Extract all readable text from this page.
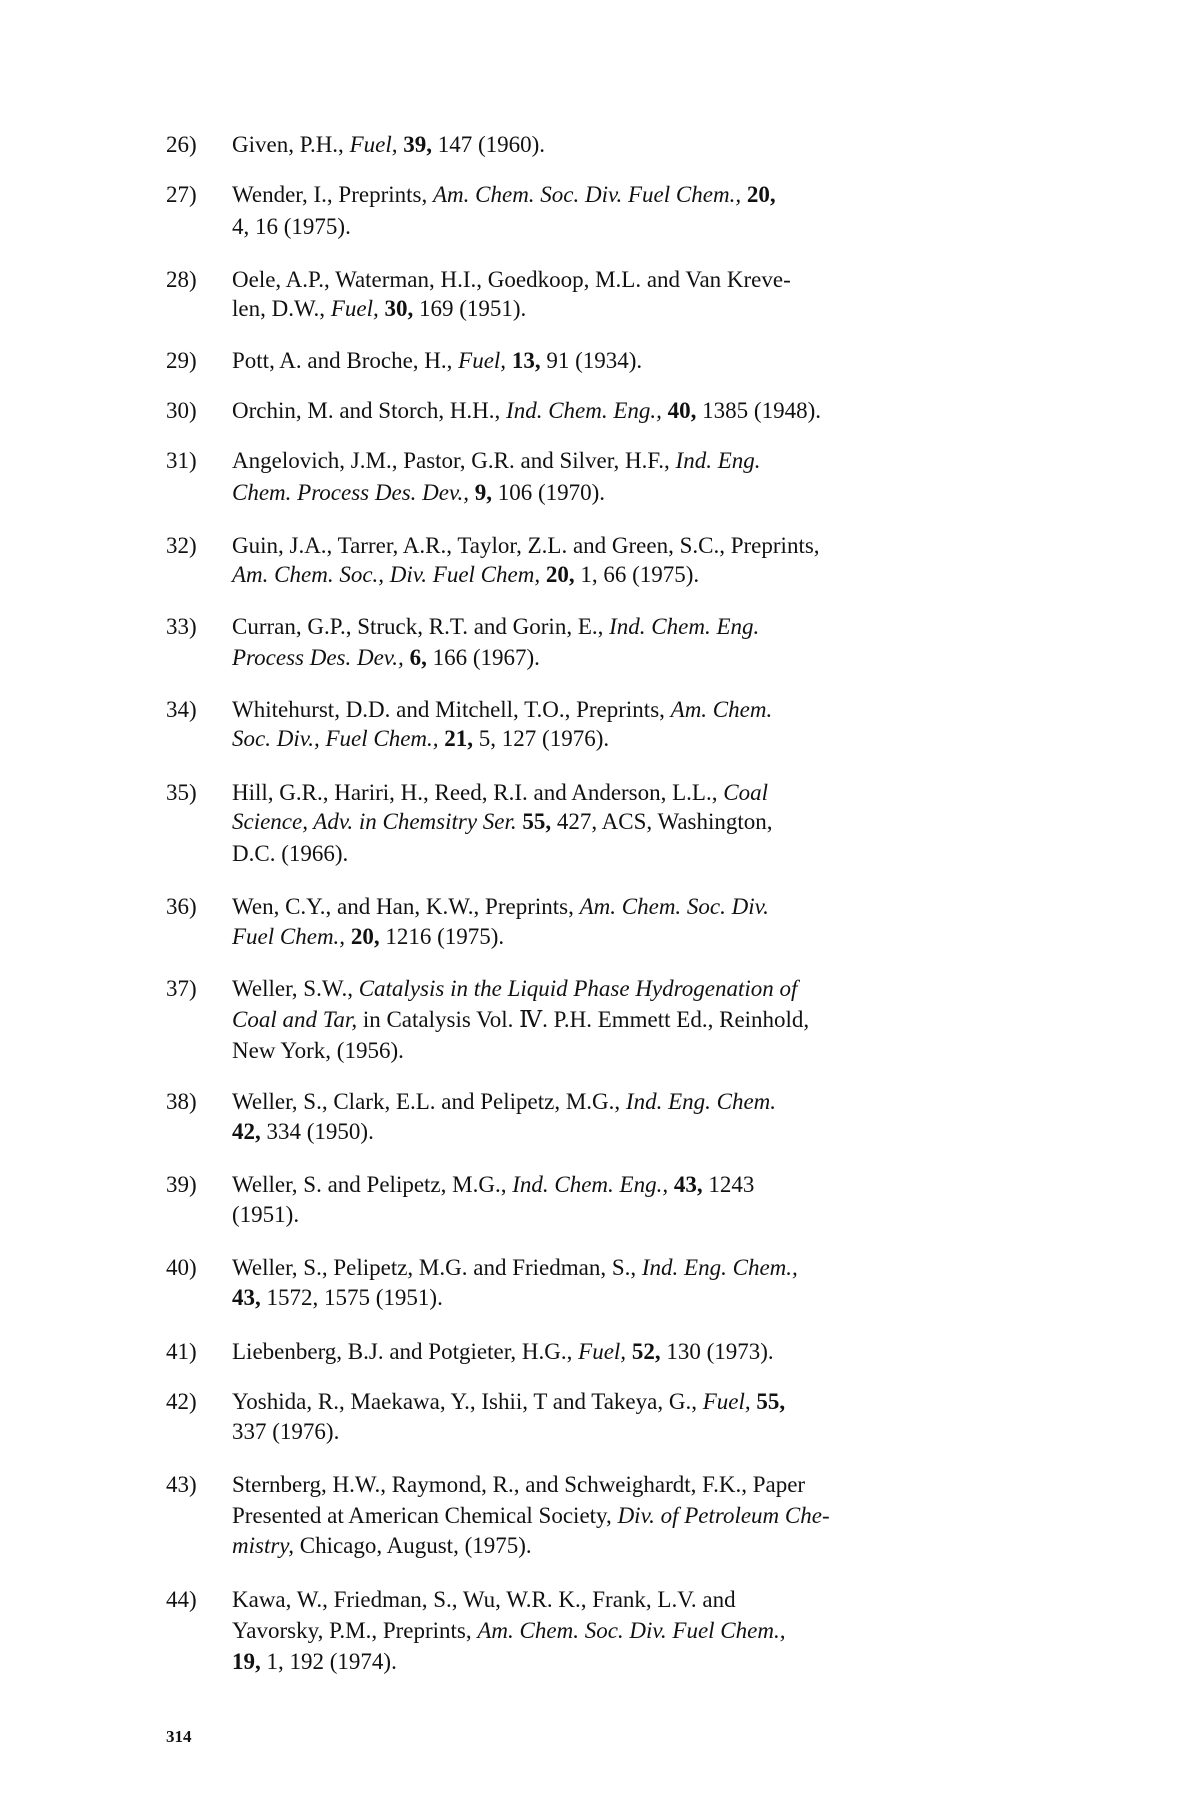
26) Given, P.H., Fuel, 39, 147 (1960).
27) Wender, I., Preprints, Am. Chem. Soc. Div. Fuel Chem., 20,
4, 16 (1975).
28) Oele, A.P., Waterman, H.I., Goedkoop, M.L. and Van Kreve-
len, D.W., Fuel, 30, 169 (1951).
29) Pott, A. and Broche, H., Fuel, 13, 91 (1934).
30) Orchin, M. and Storch, H.H., Ind. Chem. Eng., 40, 1385 (1948).
31) Angelovich, J.M., Pastor, G.R. and Silver, H.F., Ind. Eng.
Chem. Process Des. Dev., 9, 106 (1970).
32) Guin, J.A., Tarrer, A.R., Taylor, Z.L. and Green, S.C., Preprints,
Am. Chem. Soc., Div. Fuel Chem, 20, 1, 66 (1975).
33) Curran, G.P., Struck, R.T. and Gorin, E., Ind. Chem. Eng.
Process Des. Dev., 6, 166 (1967).
34) Whitehurst, D.D. and Mitchell, T.O., Preprints, Am. Chem.
Soc. Div., Fuel Chem., 21, 5, 127 (1976).
35) Hill, G.R., Hariri, H., Reed, R.I. and Anderson, L.L., Coal
Science, Adv. in Chemsitry Ser. 55, 427, ACS, Washington,
D.C. (1966).
36) Wen, C.Y., and Han, K.W., Preprints, Am. Chem. Soc. Div.
Fuel Chem., 20, 1216 (1975).
37) Weller, S.W., Catalysis in the Liquid Phase Hydrogenation of
Coal and Tar, in Catalysis Vol. Ⅳ. P.H. Emmett Ed., Reinhold,
New York, (1956).
38) Weller, S., Clark, E.L. and Pelipetz, M.G., Ind. Eng. Chem.
42, 334 (1950).
39) Weller, S. and Pelipetz, M.G., Ind. Chem. Eng., 43, 1243
(1951).
40) Weller, S., Pelipetz, M.G. and Friedman, S., Ind. Eng. Chem.,
43, 1572, 1575 (1951).
41) Liebenberg, B.J. and Potgieter, H.G., Fuel, 52, 130 (1973).
42) Yoshida, R., Maekawa, Y., Ishii, T and Takeya, G., Fuel, 55,
337 (1976).
43) Sternberg, H.W., Raymond, R., and Schweighardt, F.K., Paper
Presented at American Chemical Society, Div. of Petroleum Che-
mistry, Chicago, August, (1975).
44) Kawa, W., Friedman, S., Wu, W.R. K., Frank, L.V. and
Yavorsky, P.M., Preprints, Am. Chem. Soc. Div. Fuel Chem.,
19, 1, 192 (1974).
314
